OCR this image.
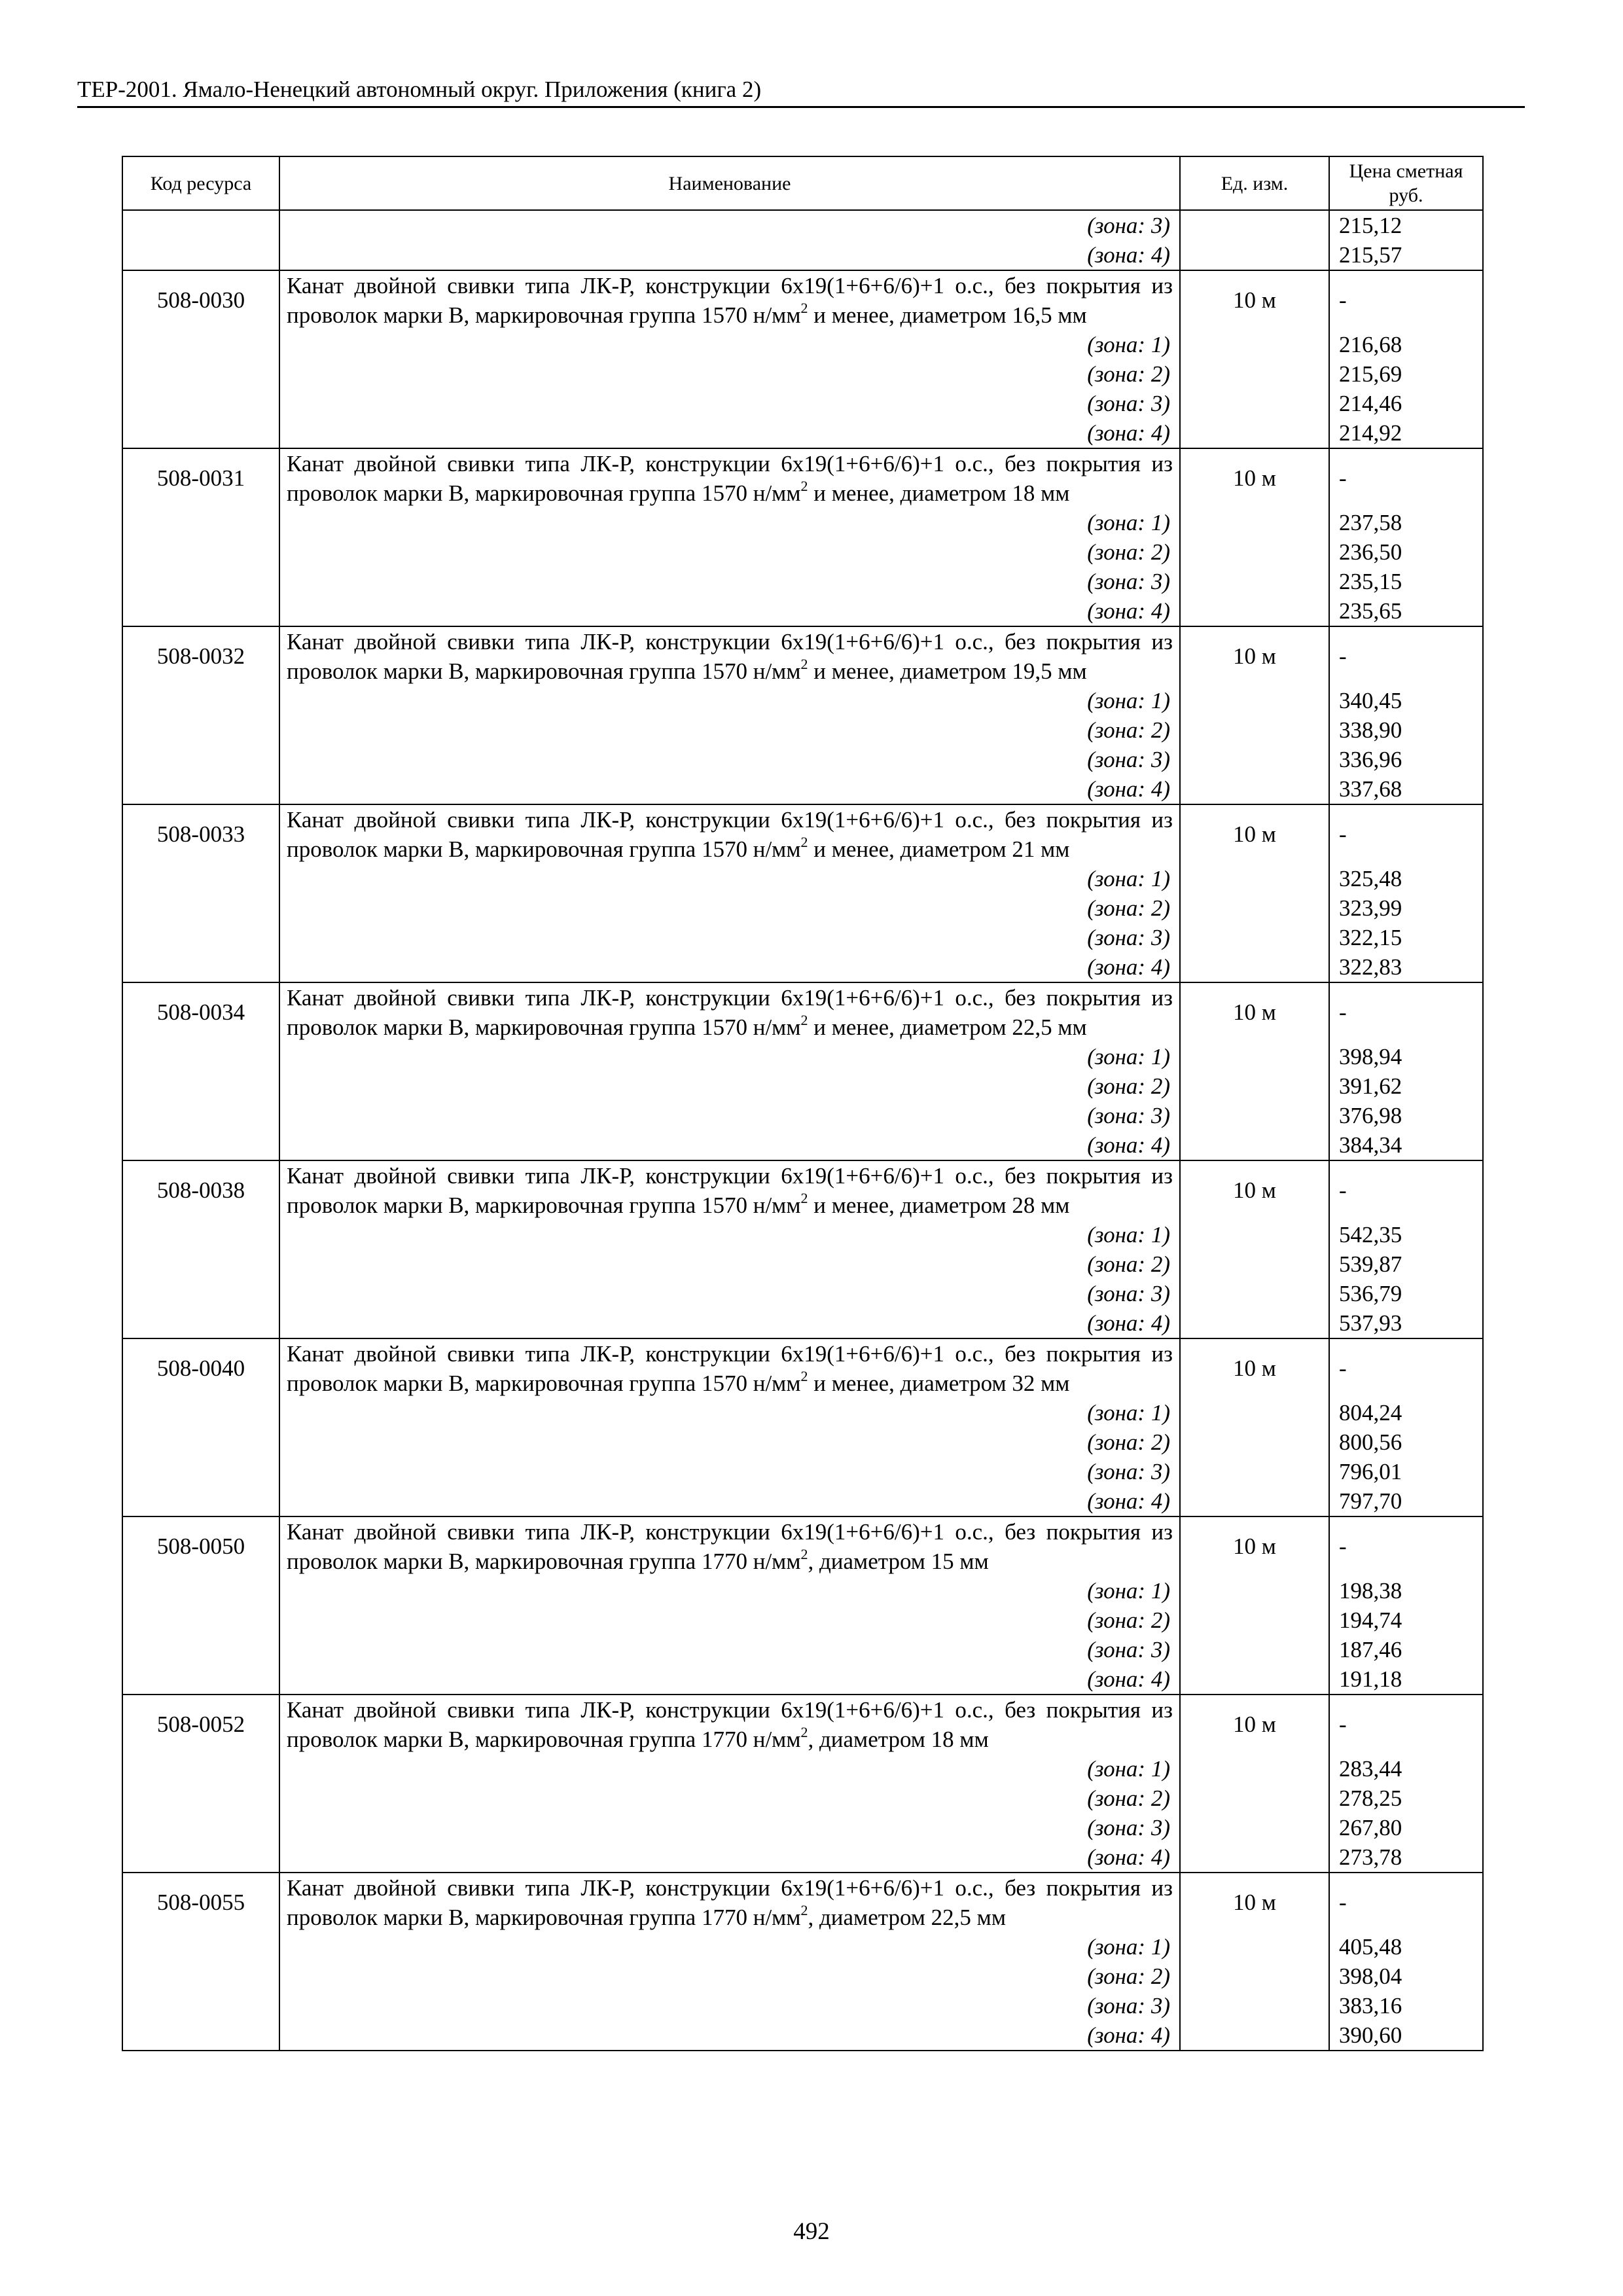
ТЕР-2001. Ямало-Ненецкий автономный округ. Приложения (книга 2)
Код ресурса	Наименование	Ед. изм.	Цена сметная руб.
	(зона: 3)		215,12
	(зона: 4)		215,57
508-0030	Канат двойной свивки типа ЛК-Р, конструкции 6x19(1+6+6/6)+1 о.с., без покрытия из проволок марки В, маркировочная группа 1570 $н/мм^2$ и менее, диаметром 16,5 мм	10 м	-
	(зона: 1)		216,68
	(зона: 2)		215,69
	(зона: 3)		214,46
	(зона: 4)		214,92
508-0031	Канат двойной свивки типа ЛК-Р, конструкции 6x19(1+6+6/6)+1 о.с., без покрытия из проволок марки В, маркировочная группа 1570 $н/мм^2$ и менее, диаметром 18 мм	10 м	-
	(зона: 1)		237,58
	(зона: 2)		236,50
	(зона: 3)		235,15
	(зона: 4)		235,65
508-0032	Канат двойной свивки типа ЛК-Р, конструкции 6x19(1+6+6/6)+1 о.с., без покрытия из проволок марки В, маркировочная группа 1570 $н/мм^2$ и менее, диаметром 19,5 мм	10 м	-
	(зона: 1)		340,45
	(зона: 2)		338,90
	(зона: 3)		336,96
	(зона: 4)		337,68
508-0033	Канат двойной свивки типа ЛК-Р, конструкции 6x19(1+6+6/6)+1 о.с., без покрытия из проволок марки В, маркировочная группа 1570 $н/мм^2$ и менее, диаметром 21 мм	10 м	-
	(зона: 1)		325,48
	(зона: 2)		323,99
	(зона: 3)		322,15
	(зона: 4)		322,83
508-0034	Канат двойной свивки типа ЛК-Р, конструкции 6x19(1+6+6/6)+1 о.с., без покрытия из проволок марки В, маркировочная группа 1570 $н/мм^2$ и менее, диаметром 22,5 мм	10 м	-
	(зона: 1)		398,94
	(зона: 2)		391,62
	(зона: 3)		376,98
	(зона: 4)		384,34
508-0038	Канат двойной свивки типа ЛК-Р, конструкции 6x19(1+6+6/6)+1 о.с., без покрытия из проволок марки В, маркировочная группа 1570 $н/мм^2$ и менее, диаметром 28 мм	10 м	-
	(зона: 1)		542,35
	(зона: 2)		539,87
	(зона: 3)		536,79
	(зона: 4)		537,93
508-0040	Канат двойной свивки типа ЛК-Р, конструкции 6x19(1+6+6/6)+1 о.с., без покрытия из проволок марки В, маркировочная группа 1570 $н/мм^2$ и менее, диаметром 32 мм	10 м	-
	(зона: 1)		804,24
	(зона: 2)		800,56
	(зона: 3)		796,01
	(зона: 4)		797,70
508-0050	Канат двойной свивки типа ЛК-Р, конструкции 6x19(1+6+6/6)+1 о.с., без покрытия из проволок марки В, маркировочная группа 1770 $н/мм^2$, диаметром 15 мм	10 м	-
	(зона: 1)		198,38
	(зона: 2)		194,74
	(зона: 3)		187,46
	(зона: 4)		191,18
508-0052	Канат двойной свивки типа ЛК-Р, конструкции 6x19(1+6+6/6)+1 о.с., без покрытия из проволок марки В, маркировочная группа 1770 $н/мм^2$, диаметром 18 мм	10 м	-
	(зона: 1)		283,44
	(зона: 2)		278,25
	(зона: 3)		267,80
	(зона: 4)		273,78
508-0055	Канат двойной свивки типа ЛК-Р, конструкции 6x19(1+6+6/6)+1 о.с., без покрытия из проволок марки В, маркировочная группа 1770 $н/мм^2$, диаметром 22,5 мм	10 м	-
	(зона: 1)		405,48
	(зона: 2)		398,04
	(зона: 3)		383,16
	(зона: 4)		390,60
492
